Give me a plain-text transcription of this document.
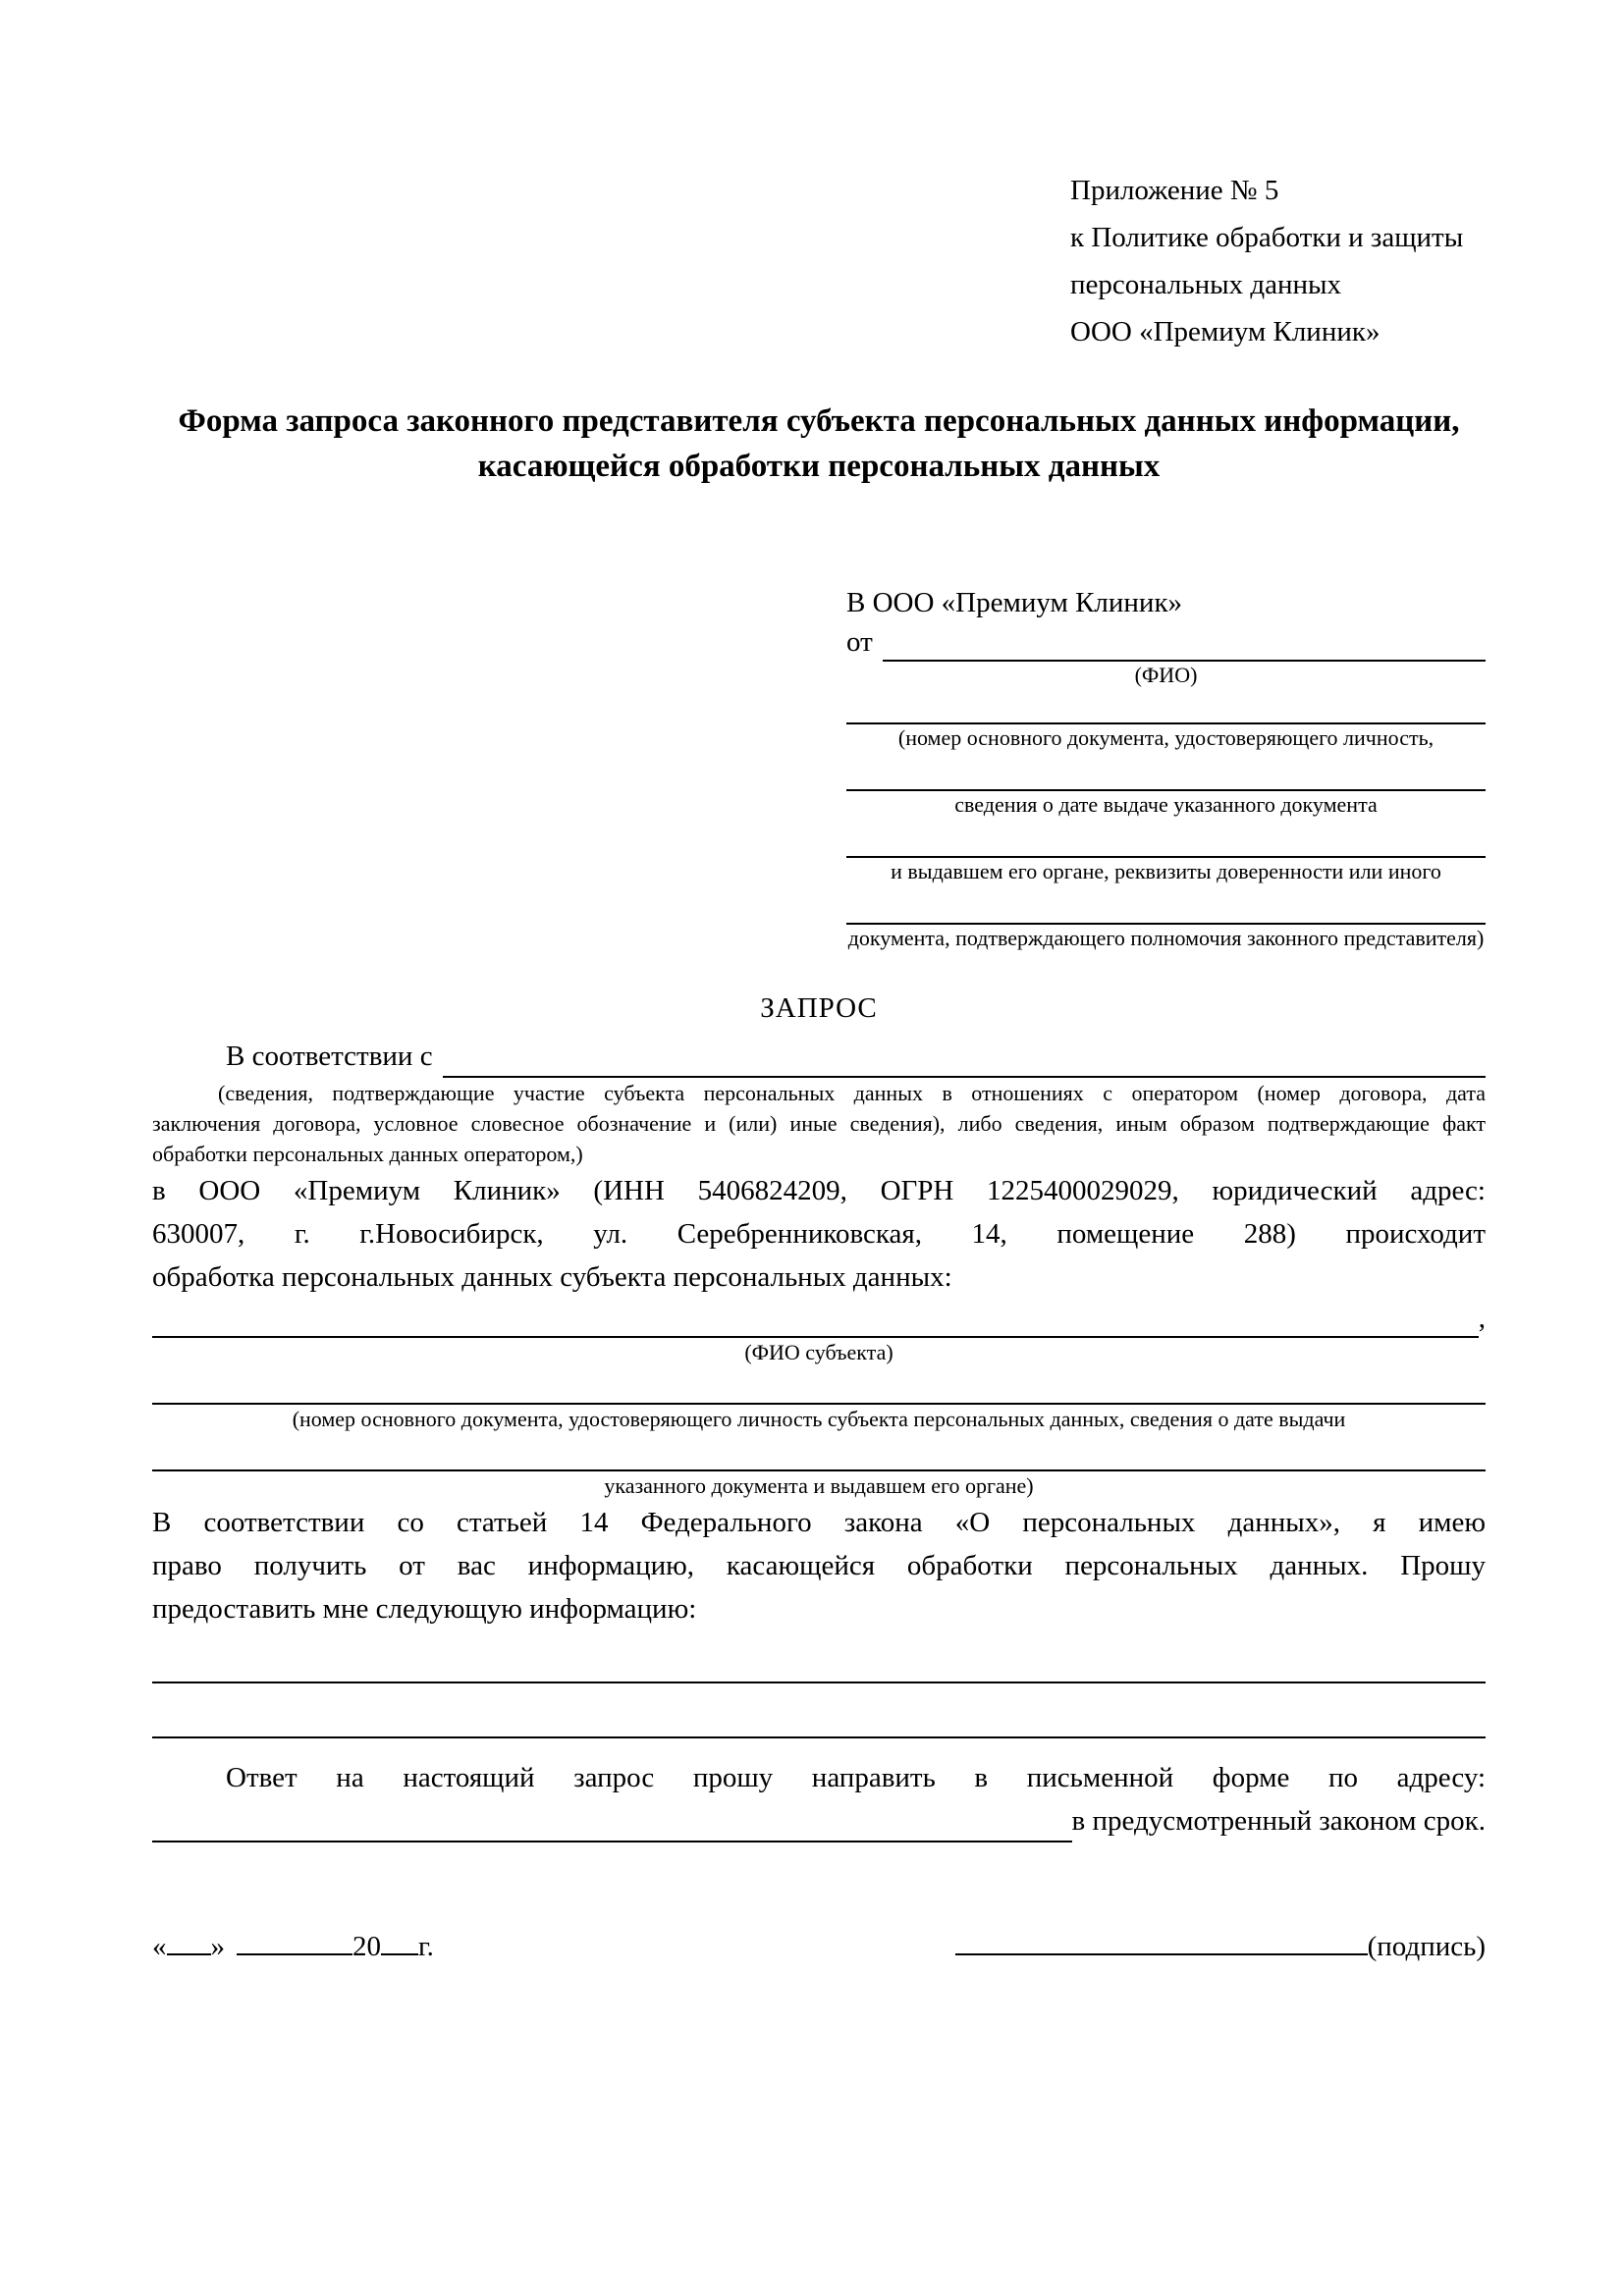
Приложение № 5
к Политике обработки и защиты
персональных данных
ООО «Премиум Клиник»
Форма запроса законного представителя субъекта персональных данных информации, касающейся обработки персональных данных
В ООО «Премиум Клиник»
от
(ФИО)
(номер основного документа, удостоверяющего личность,
сведения о дате выдаче указанного документа
и выдавшем его органе, реквизиты доверенности или иного
документа, подтверждающего полномочия законного представителя)
ЗАПРОС
В соответствии с
(сведения, подтверждающие участие субъекта персональных данных в отношениях с оператором (номер договора, дата
заключения договора, условное словесное обозначение и (или) иные сведения), либо сведения, иным образом подтверждающие факт
обработки персональных данных оператором,)
в ООО «Премиум Клиник» (ИНН 5406824209, ОГРН 1225400029029, юридический адрес:
630007, г. г.Новосибирск, ул. Серебренниковская, 14, помещение 288) происходит
обработка персональных данных субъекта персональных данных:
,
(ФИО субъекта)
(номер основного документа, удостоверяющего личность субъекта персональных данных, сведения о дате выдачи
указанного документа и выдавшем его органе)
В соответствии со статьей 14 Федерального закона «О персональных данных», я имею
право получить от вас информацию, касающейся обработки персональных данных. Прошу
предоставить мне следующую информацию:
Ответ на настоящий запрос прошу направить в письменной форме по адресу:
в предусмотренный законом срок.
« »	20 г.	(подпись)
